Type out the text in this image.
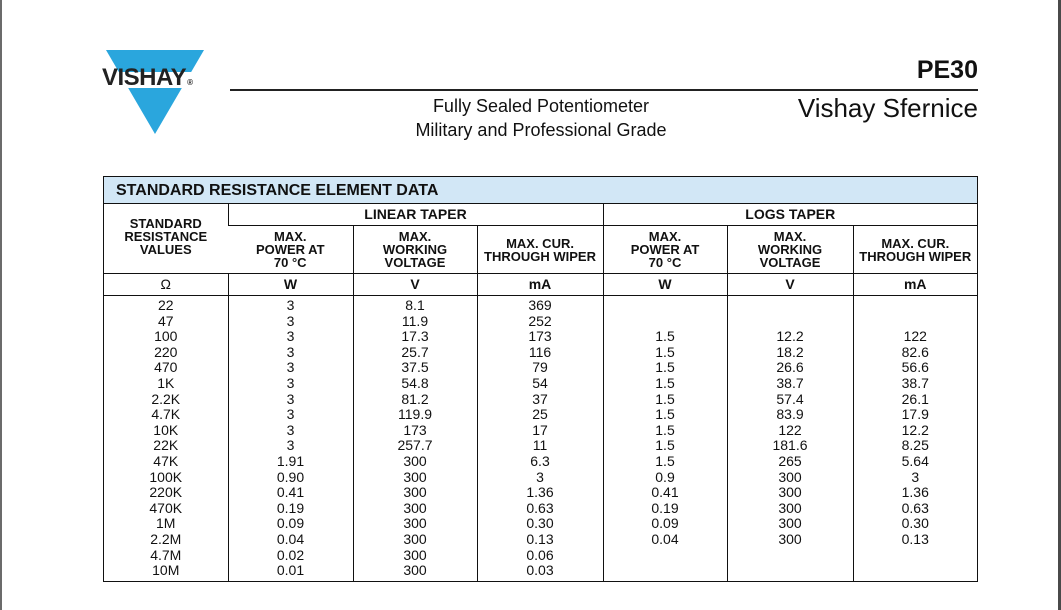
VISHAY®	PE30
Fully Sealed Potentiometer
Military and Professional Grade
Vishay Sfernice
STANDARD RESISTANCE ELEMENT DATA
STANDARD RESISTANCE VALUES	LINEAR TAPER			LOGS TAPER		
	MAX. POWER AT 70 °C	MAX. WORKING VOLTAGE	MAX. CUR. THROUGH WIPER	MAX. POWER AT 70 °C	MAX. WORKING VOLTAGE	MAX. CUR. THROUGH WIPER
Ω	W	V	mA	W	V	mA
22	3	8.1	369			
47	3	11.9	252			
100	3	17.3	173	1.5	12.2	122
220	3	25.7	116	1.5	18.2	82.6
470	3	37.5	79	1.5	26.6	56.6
1K	3	54.8	54	1.5	38.7	38.7
2.2K	3	81.2	37	1.5	57.4	26.1
4.7K	3	119.9	25	1.5	83.9	17.9
10K	3	173	17	1.5	122	12.2
22K	3	257.7	11	1.5	181.6	8.25
47K	1.91	300	6.3	1.5	265	5.64
100K	0.90	300	3	0.9	300	3
220K	0.41	300	1.36	0.41	300	1.36
470K	0.19	300	0.63	0.19	300	0.63
1M	0.09	300	0.30	0.09	300	0.30
2.2M	0.04	300	0.13	0.04	300	0.13
4.7M	0.02	300	0.06			
10M	0.01	300	0.03			
